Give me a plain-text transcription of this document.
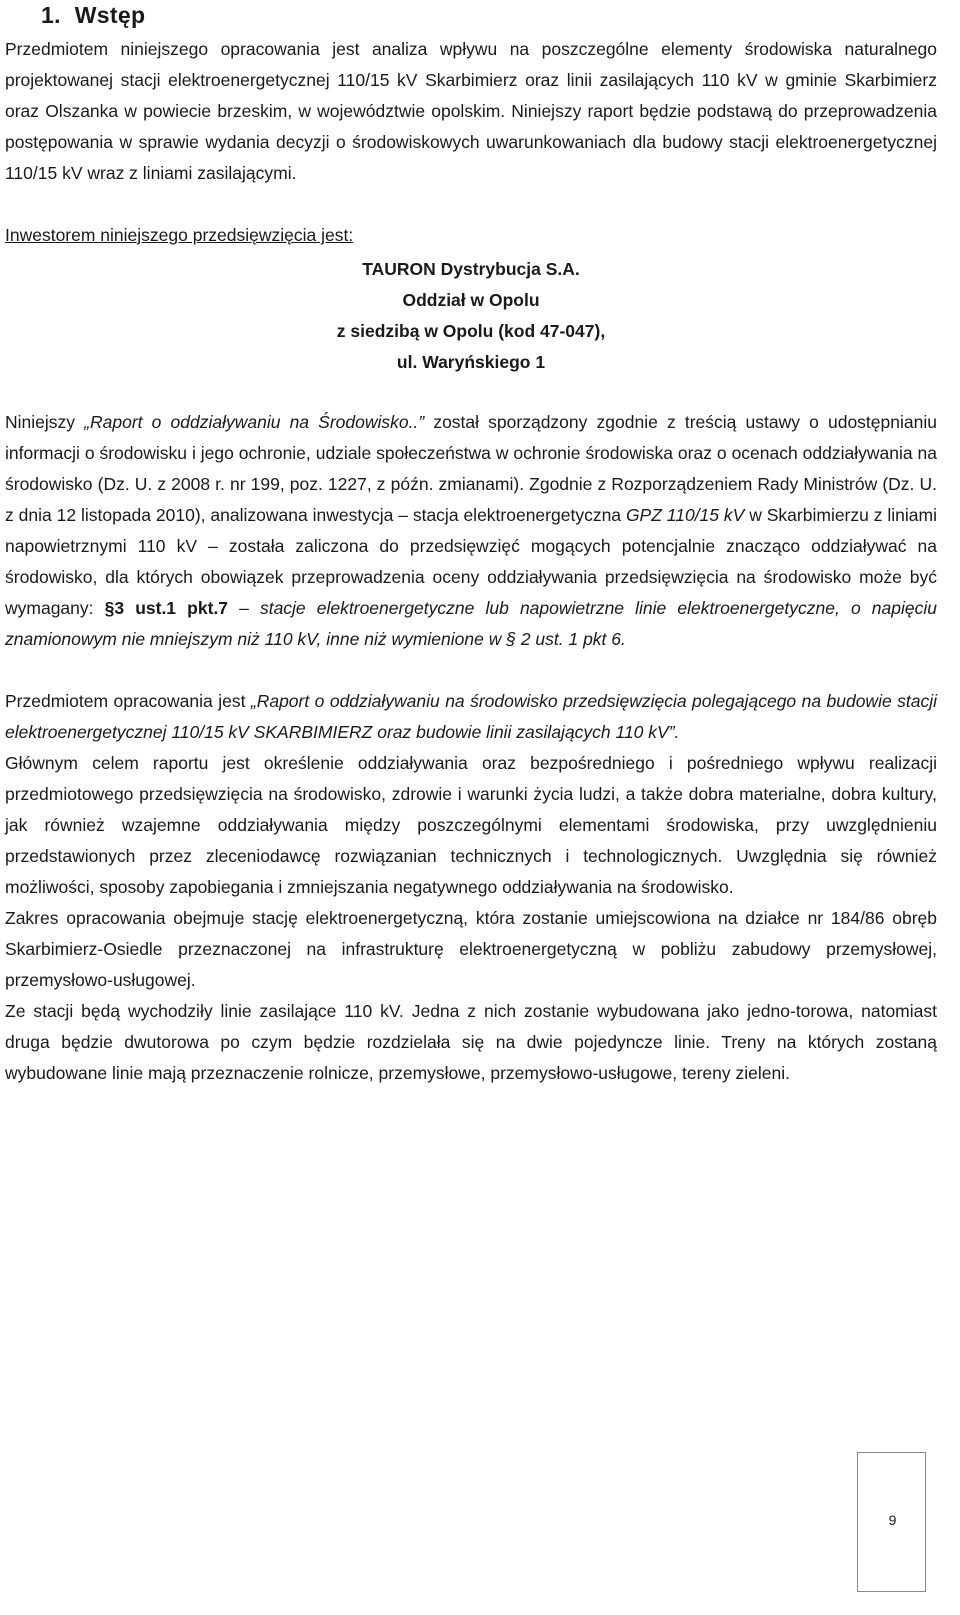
1. Wstęp

Przedmiotem niniejszego opracowania jest analiza wpływu na poszczególne elementy środowiska naturalnego projektowanej stacji elektroenergetycznej 110/15 kV Skarbimierz oraz linii zasilających 110 kV w gminie Skarbimierz oraz Olszanka w powiecie brzeskim, w województwie opolskim. Niniejszy raport będzie podstawą do przeprowadzenia postępowania w sprawie wydania decyzji o środowiskowych uwarunkowaniach dla budowy stacji elektroenergetycznej 110/15 kV wraz z liniami zasilającymi.

Inwestorem niniejszego przedsięwzięcia jest:

TAURON Dystrybucja S.A.
Oddział w Opolu
z siedzibą w Opolu (kod 47-047),
ul. Waryńskiego 1

Niniejszy „Raport o oddziaływaniu na Środowisko..” został sporządzony zgodnie z treścią ustawy o udostępnianiu informacji o środowisku i jego ochronie, udziale społeczeństwa w ochronie środowiska oraz o ocenach oddziaływania na środowisko (Dz. U. z 2008 r. nr 199, poz. 1227, z późn. zmianami). Zgodnie z Rozporządzeniem Rady Ministrów (Dz. U. z dnia 12 listopada 2010), analizowana inwestycja – stacja elektroenergetyczna GPZ 110/15 kV w Skarbimierzu z liniami napowietrznymi 110 kV – została zaliczona do przedsięwzięć mogących potencjalnie znacząco oddziaływać na środowisko, dla których obowiązek przeprowadzenia oceny oddziaływania przedsięwzięcia na środowisko może być wymagany: §3 ust.1 pkt.7 – stacje elektroenergetyczne lub napowietrzne linie elektroenergetyczne, o napięciu znamionowym nie mniejszym niż 110 kV, inne niż wymienione w § 2 ust. 1 pkt 6.

Przedmiotem opracowania jest „Raport o oddziaływaniu na środowisko przedsięwzięcia polegającego na budowie stacji elektroenergetycznej 110/15 kV SKARBIMIERZ oraz budowie linii zasilających 110 kV”.

Głównym celem raportu jest określenie oddziaływania oraz bezpośredniego i pośredniego wpływu realizacji przedmiotowego przedsięwzięcia na środowisko, zdrowie i warunki życia ludzi, a także dobra materialne, dobra kultury, jak również wzajemne oddziaływania między poszczególnymi elementami środowiska, przy uwzględnieniu przedstawionych przez zleceniodawcę rozwiązanian technicznych i technologicznych. Uwzględnia się również możliwości, sposoby zapobiegania i zmniejszania negatywnego oddziaływania na środowisko.

Zakres opracowania obejmuje stację elektroenergetyczną, która zostanie umiejscowiona na działce nr 184/86 obręb Skarbimierz-Osiedle przeznaczonej na infrastrukturę elektroenergetyczną w pobliżu zabudowy przemysłowej, przemysłowo-usługowej.

Ze stacji będą wychodziły linie zasilające 110 kV. Jedna z nich zostanie wybudowana jako jedno-torowa, natomiast druga będzie dwutorowa po czym będzie rozdzielała się na dwie pojedyncze linie. Treny na których zostaną wybudowane linie mają przeznaczenie rolnicze, przemysłowe, przemysłowo-usługowe, tereny zieleni.

9
